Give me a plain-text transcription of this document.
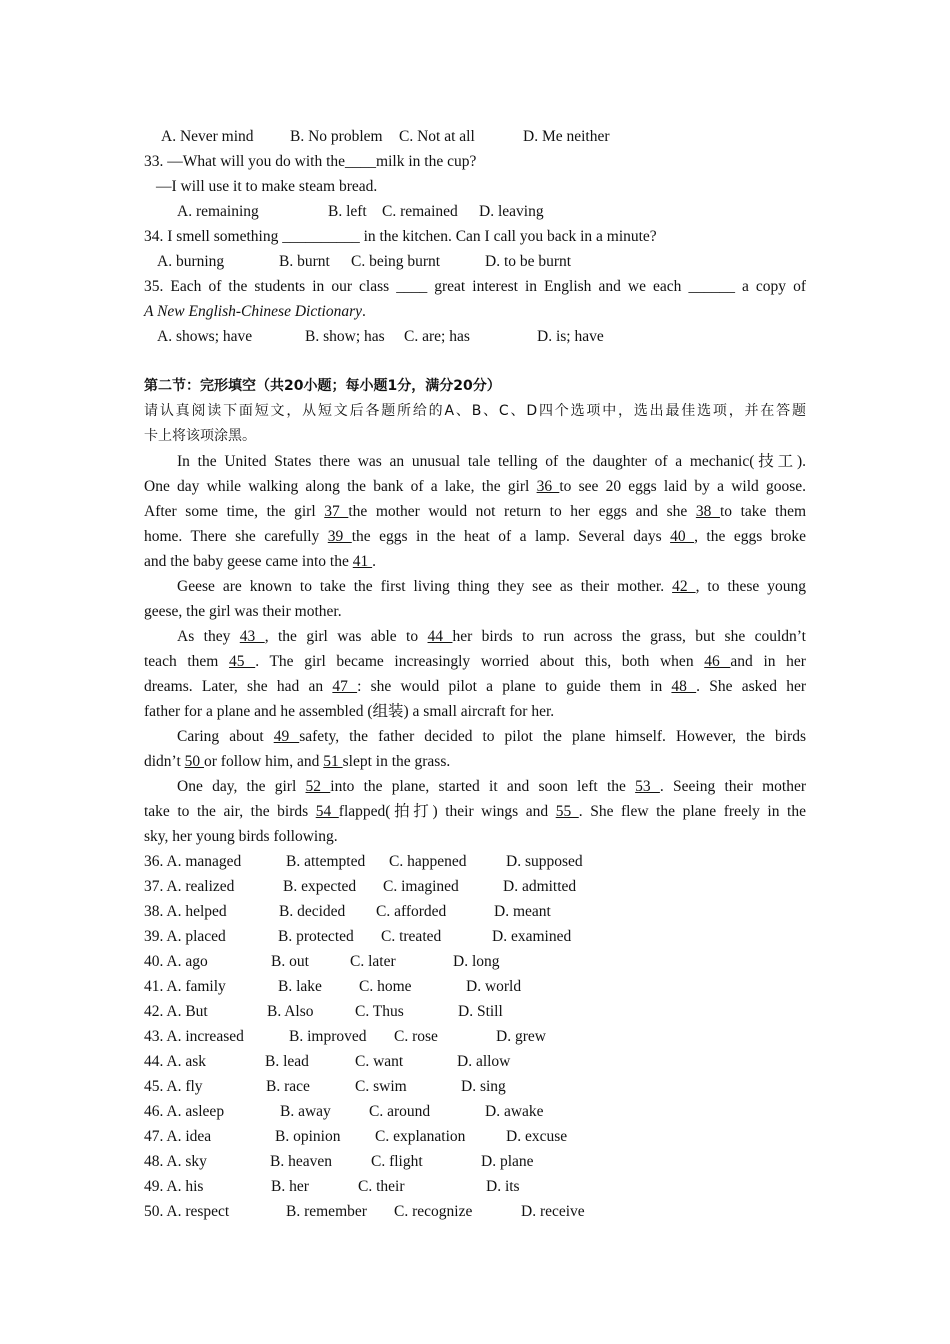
A. Never mind B. No problem C. Not at all	D. Me neither
33. —What will you do with the____milk in the cup?
—I will use it to make steam bread.
A. remaining	B. left C. remained D. leaving
34. I smell something __________ in the kitchen. Can I call you back in a minute?
A. burning	B. burnt C. being burnt	D. to be burnt
35. Each of the students in our class ____ great interest in English and we each ______ a copy of
A New English-Chinese Dictionary.
A. shows; have	B. show; has C. are; has	D. is; have
第二节：完形填空（共20小题；每小题1分，满分20分）
请认真阅读下面短文，从短文后各题所给的A、B、C、D四个选项中，选出最佳选项，并在答题
卡上将该项涂黑。
In the United States there was an unusual tale telling of the daughter of a mechanic(技工).
One day while walking along the bank of a lake, the girl 36 to see 20 eggs laid by a wild goose.
After some time, the girl 37 the mother would not return to her eggs and she 38 to take them
home. There she carefully 39 the eggs in the heat of a lamp. Several days 40 , the eggs broke
and the baby geese came into the 41 .
Geese are known to take the first living thing they see as their mother. 42 , to these young
geese, the girl was their mother.
As they 43 , the girl was able to 44 her birds to run across the grass, but she couldn’t
teach them 45 . The girl became increasingly worried about this, both when 46 and in her
dreams. Later, she had an 47 : she would pilot a plane to guide them in 48 . She asked her
father for a plane and he assembled (组装) a small aircraft for her.
Caring about 49 safety, the father decided to pilot the plane himself. However, the birds
didn’t 50 or follow him, and 51 slept in the grass.
One day, the girl 52 into the plane, started it and soon left the 53 . Seeing their mother
take to the air, the birds 54 flapped(拍打) their wings and 55 . She flew the plane freely in the
sky, her young birds following.
36. A. managed	B. attempted C. happened	D. supposed
37. A. realized	B. expected C. imagined	D. admitted
38. A. helped	B. decided C. afforded	D. meant
39. A. placed	B. protected C. treated	D. examined
40. A. ago	B. out	C. later	D. long
41. A. family	B. lake C. home	D. world
42. A. But	B. Also	C. Thus	D. Still
43. A. increased	B. improved C. rose	D. grew
44. A. ask	B. lead	C. want	D. allow
45. A. fly	B. race	C. swim	D. sing
46. A. asleep	B. away C. around	D. awake
47. A. idea	B. opinion C. explanation	D. excuse
48. A. sky	B. heaven	C. flight	D. plane
49. A. his	B. her	C. their	D. its
50. A. respect	B. remember C. recognize	D. receive
